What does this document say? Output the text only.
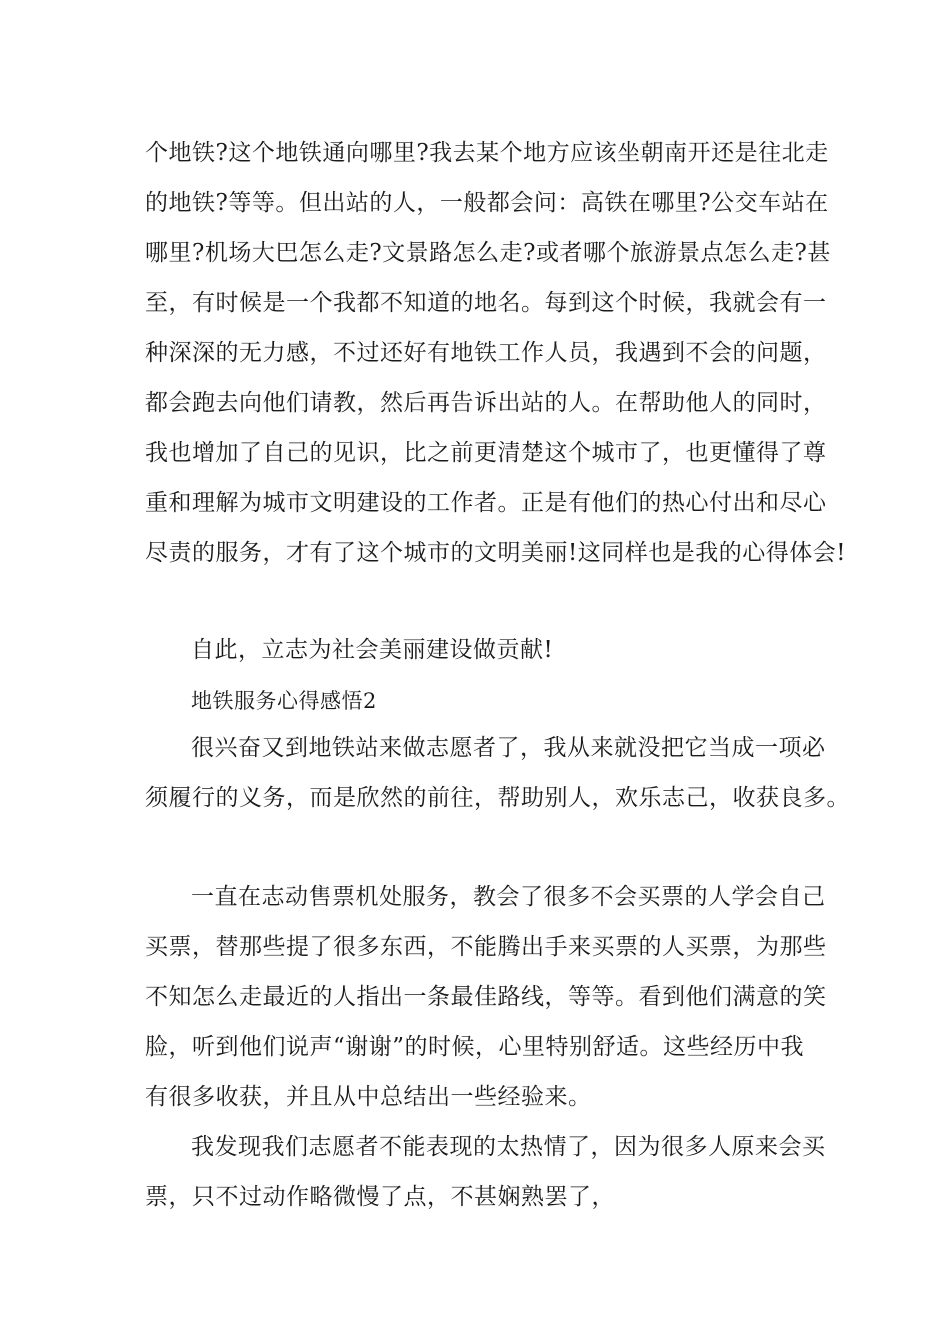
个地铁?这个地铁通向哪里?我去某个地方应该坐朝南开还是往北走
的地铁?等等。但出站的人，一般都会问：高铁在哪里?公交车站在
哪里?机场大巴怎么走?文景路怎么走?或者哪个旅游景点怎么走?甚
至，有时候是一个我都不知道的地名。每到这个时候，我就会有一
种深深的无力感，不过还好有地铁工作人员，我遇到不会的问题，
都会跑去向他们请教，然后再告诉出站的人。在帮助他人的同时，
我也增加了自己的见识，比之前更清楚这个城市了，也更懂得了尊
重和理解为城市文明建设的工作者。正是有他们的热心付出和尽心
尽责的服务，才有了这个城市的文明美丽!这同样也是我的心得体会!
自此，立志为社会美丽建设做贡献!
地铁服务心得感悟2
很兴奋又到地铁站来做志愿者了，我从来就没把它当成一项必
须履行的义务，而是欣然的前往，帮助别人，欢乐志己，收获良多。
一直在志动售票机处服务，教会了很多不会买票的人学会自己
买票，替那些提了很多东西，不能腾出手来买票的人买票，为那些
不知怎么走最近的人指出一条最佳路线，等等。看到他们满意的笑
脸，听到他们说声“谢谢”的时候，心里特别舒适。这些经历中我
有很多收获，并且从中总结出一些经验来。
我发现我们志愿者不能表现的太热情了，因为很多人原来会买
票，只不过动作略微慢了点，不甚娴熟罢了，
